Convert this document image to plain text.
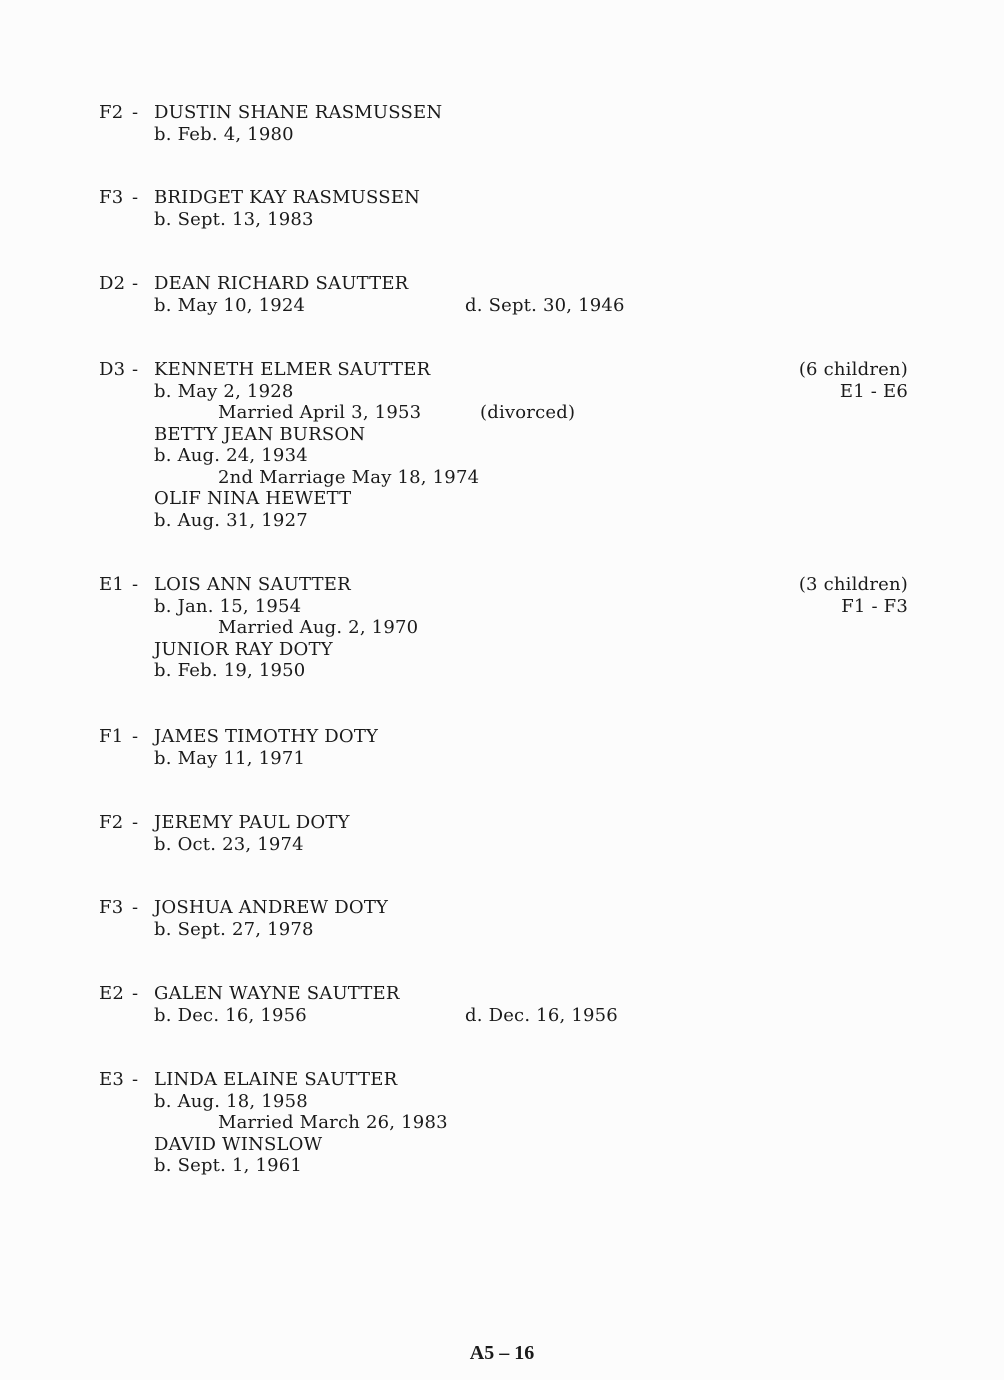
F2 - DUSTIN SHANE RASMUSSEN
b. Feb. 4, 1980
F3 - BRIDGET KAY RASMUSSEN
b. Sept. 13, 1983
D2 - DEAN RICHARD SAUTTER
b. May 10, 1924	d. Sept. 30, 1946
D3 - KENNETH ELMER SAUTTER	(6 children)
b. May 2, 1928	E1 - E6
Married April 3, 1953	(divorced)
BETTY JEAN BURSON
b. Aug. 24, 1934
2nd Marriage May 18, 1974
OLIF NINA HEWETT
b. Aug. 31, 1927
E1 - LOIS ANN SAUTTER	(3 children)
b. Jan. 15, 1954	F1 - F3
Married Aug. 2, 1970
JUNIOR RAY DOTY
b. Feb. 19, 1950
F1 - JAMES TIMOTHY DOTY
b. May 11, 1971
F2 - JEREMY PAUL DOTY
b. Oct. 23, 1974
F3 - JOSHUA ANDREW DOTY
b. Sept. 27, 1978
E2 - GALEN WAYNE SAUTTER
b. Dec. 16, 1956	d. Dec. 16, 1956
E3 - LINDA ELAINE SAUTTER
b. Aug. 18, 1958
Married March 26, 1983
DAVID WINSLOW
b. Sept. 1, 1961
A5 – 16
